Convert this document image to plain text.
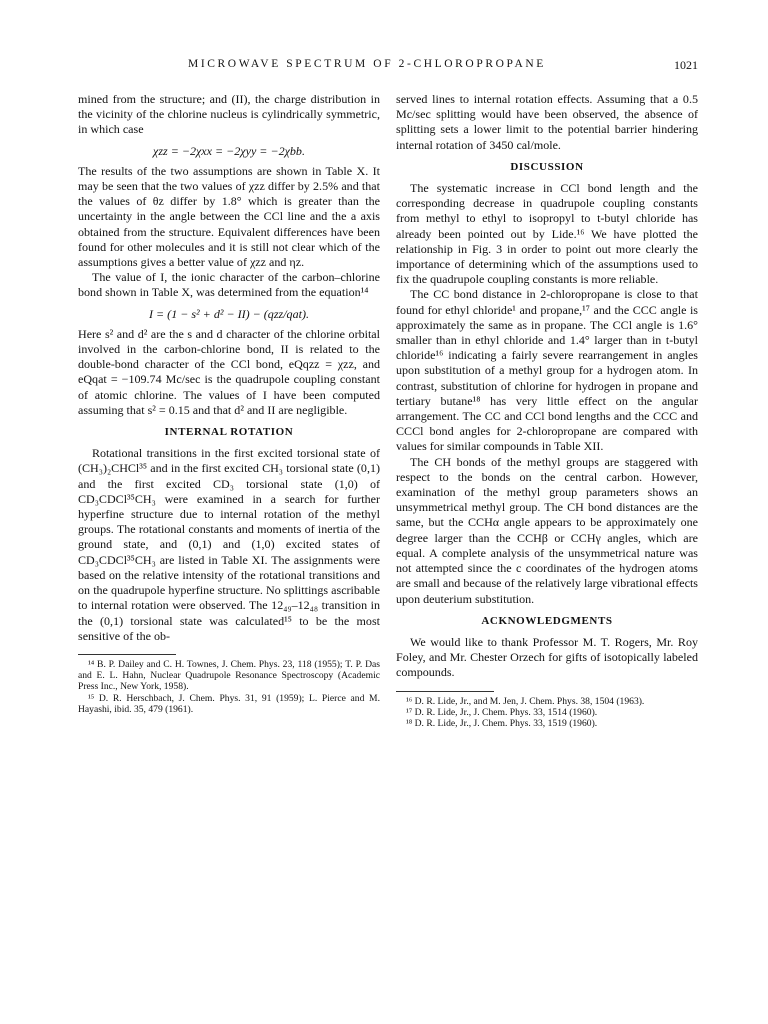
MICROWAVE SPECTRUM OF 2-CHLOROPROPANE	1021

mined from the structure; and (II), the charge distribution in the vicinity of the chlorine nucleus is cylindrically symmetric, in which case

χzz = −2χxx = −2χyy = −2χbb.

The results of the two assumptions are shown in Table X. It may be seen that the two values of χzz differ by 2.5% and that the values of θz differ by 1.8° which is greater than the uncertainty in the angle between the CCl line and the a axis obtained from the structure. Equivalent differences have been found for other molecules and it is still not clear which of the assumptions gives a better value of χzz and ηz.

The value of I, the ionic character of the carbon–chlorine bond shown in Table X, was determined from the equation¹⁴

I = (1 − s² + d² − II) − (qzz/qat).

Here s² and d² are the s and d character of the chlorine orbital involved in the carbon-chlorine bond, II is related to the double-bond character of the CCl bond, eQqzz = χzz, and eQqat = −109.74 Mc/sec is the quadrupole coupling constant of atomic chlorine. The values of I have been computed assuming that s² = 0.15 and that d² and II are negligible.

INTERNAL ROTATION

Rotational transitions in the first excited torsional state of (CH₃)₂CHCl³⁵ and in the first excited CH₃ torsional state (0,1) and the first excited CD₃ torsional state (1,0) of CD₃CDCl³⁵CH₃ were examined in a search for further hyperfine structure due to internal rotation of the methyl groups. The rotational constants and moments of inertia of the ground state, and (0,1) and (1,0) excited states of CD₃CDCl³⁵CH₃ are listed in Table XI. The assignments were based on the relative intensity of the rotational transitions and on the quadrupole hyperfine structure. No splittings ascribable to internal rotation were observed. The 12₄₉–12₄₈ transition in the (0,1) torsional state was calculated¹⁵ to be the most sensitive of the ob-

¹⁴ B. P. Dailey and C. H. Townes, J. Chem. Phys. 23, 118 (1955); T. P. Das and E. L. Hahn, Nuclear Quadrupole Resonance Spectroscopy (Academic Press Inc., New York, 1958).

¹⁵ D. R. Herschbach, J. Chem. Phys. 31, 91 (1959); L. Pierce and M. Hayashi, ibid. 35, 479 (1961).

served lines to internal rotation effects. Assuming that a 0.5 Mc/sec splitting would have been observed, the absence of splitting sets a lower limit to the potential barrier hindering internal rotation of 3450 cal/mole.

DISCUSSION

The systematic increase in CCl bond length and the corresponding decrease in quadrupole coupling constants from methyl to ethyl to isopropyl to t-butyl chloride has already been pointed out by Lide.¹⁶ We have plotted the relationship in Fig. 3 in order to point out more clearly the importance of determining which of the assumptions used to fix the quadrupole coupling constants is more reliable.

The CC bond distance in 2-chloropropane is close to that found for ethyl chloride¹ and propane,¹⁷ and the CCC angle is approximately the same as in propane. The CCl angle is 1.6° smaller than in ethyl chloride and 1.4° larger than in t-butyl chloride¹⁶ indicating a fairly severe rearrangement in angles upon substitution of a methyl group for a hydrogen atom. In contrast, substitution of chlorine for hydrogen in propane and tertiary butane¹⁸ has very little effect on the angular arrangement. The CC and CCl bond lengths and the CCC and CCCl bond angles for 2-chloropropane are compared with values for similar compounds in Table XII.

The CH bonds of the methyl groups are staggered with respect to the bonds on the central carbon. However, examination of the methyl group parameters shows an unsymmetrical methyl group. The CH bond distances are the same, but the CCHα angle appears to be approximately one degree larger than the CCHβ or CCHγ angles, which are equal. A complete analysis of the unsymmetrical nature was not attempted since the c coordinates of the hydrogen atoms are small and because of the relatively large vibrational effects upon deuterium substitution.

ACKNOWLEDGMENTS

We would like to thank Professor M. T. Rogers, Mr. Roy Foley, and Mr. Chester Orzech for gifts of isotopically labeled compounds.

¹⁶ D. R. Lide, Jr., and M. Jen, J. Chem. Phys. 38, 1504 (1963).

¹⁷ D. R. Lide, Jr., J. Chem. Phys. 33, 1514 (1960).

¹⁸ D. R. Lide, Jr., J. Chem. Phys. 33, 1519 (1960).
